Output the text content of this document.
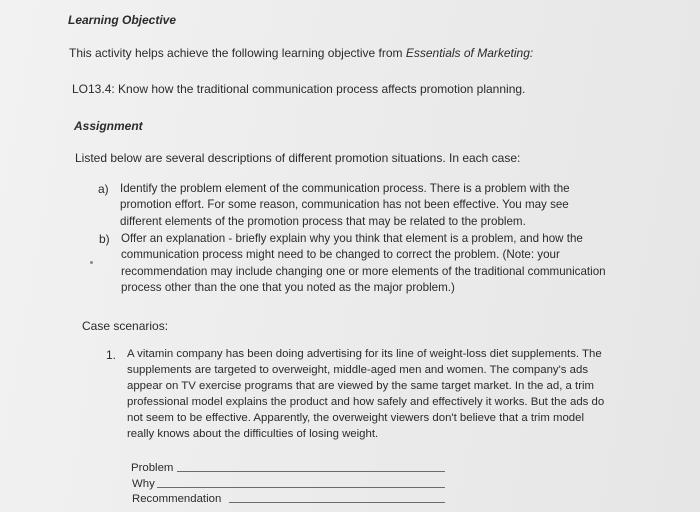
Learning Objective
This activity helps achieve the following learning objective from Essentials of Marketing:
LO13.4: Know how the traditional communication process affects promotion planning.
Assignment
Listed below are several descriptions of different promotion situations. In each case:
a) Identify the problem element of the communication process. There is a problem with the
promotion effort. For some reason, communication has not been effective. You may see
different elements of the promotion process that may be related to the problem.
b) Offer an explanation - briefly explain why you think that element is a problem, and how the
communication process might need to be changed to correct the problem. (Note: your
recommendation may include changing one or more elements of the traditional communication
process other than the one that you noted as the major problem.)
Case scenarios:
1. A vitamin company has been doing advertising for its line of weight-loss diet supplements. The
supplements are targeted to overweight, middle-aged men and women. The company's ads
appear on TV exercise programs that are viewed by the same target market. In the ad, a trim
professional model explains the product and how safely and effectively it works. But the ads do
not seem to be effective. Apparently, the overweight viewers don't believe that a trim model
really knows about the difficulties of losing weight.
Problem
Why
Recommendation
